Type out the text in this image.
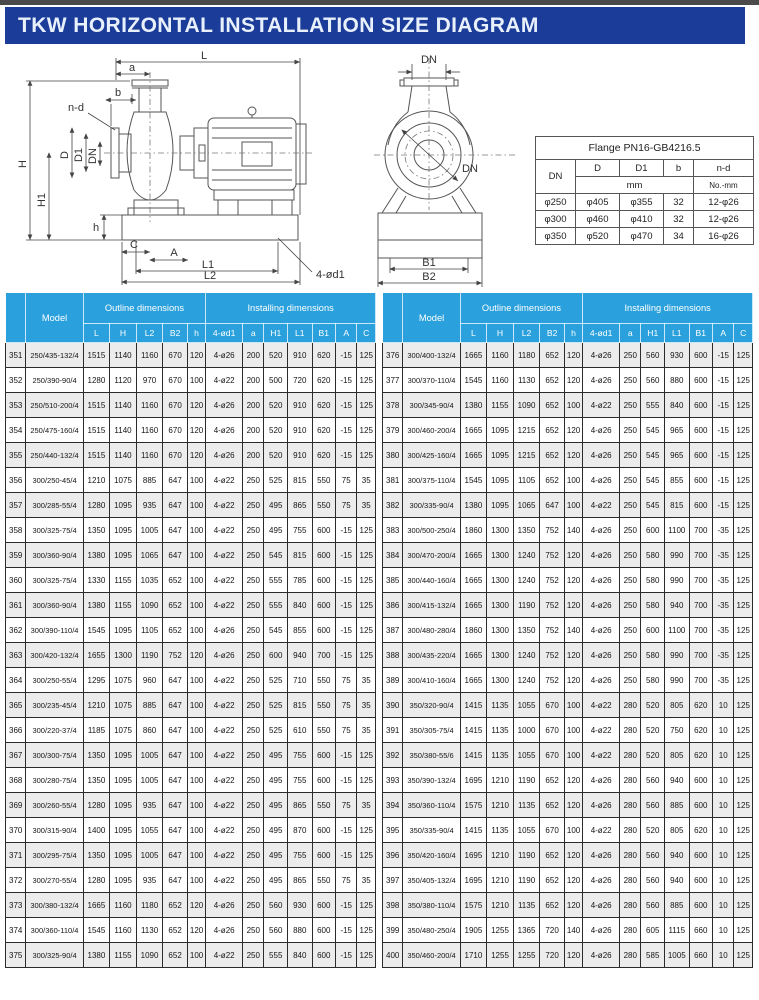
TKW HORIZONTAL INSTALLATION SIZE DIAGRAM
L
a
b
n-d
H
H1
D D1 DN
h
C
A
L1
L2	4-ød1
DN
DN
B1
B2
Flange PN16-GB4216.5				
DN	D	D1	b	n-d
	mm			No.-mm
φ250	φ405	φ355	32	12-φ26
φ300	φ460	φ410	32	12-φ26
φ350	φ520	φ470	34	16-φ26
	Model	Outline dimensions					Installing dimensions						
		L	H	L2	B2	h	4-ød1	a	H1	L1	B1	A	C
351	250/435-132/4	1515	1140	1160	670	120	4-ø26	200	520	910	620	-15	125
352	250/390-90/4	1280	1120	970	670	100	4-ø22	200	500	720	620	-15	125
353	250/510-200/4	1515	1140	1160	670	120	4-ø26	200	520	910	620	-15	125
354	250/475-160/4	1515	1140	1160	670	120	4-ø26	200	520	910	620	-15	125
355	250/440-132/4	1515	1140	1160	670	120	4-ø26	200	520	910	620	-15	125
356	300/250-45/4	1210	1075	885	647	100	4-ø22	250	525	815	550	75	35
357	300/285-55/4	1280	1095	935	647	100	4-ø22	250	495	865	550	75	35
358	300/325-75/4	1350	1095	1005	647	100	4-ø22	250	495	755	600	-15	125
359	300/360-90/4	1380	1095	1065	647	100	4-ø22	250	545	815	600	-15	125
360	300/325-75/4	1330	1155	1035	652	100	4-ø22	250	555	785	600	-15	125
361	300/360-90/4	1380	1155	1090	652	100	4-ø22	250	555	840	600	-15	125
362	300/390-110/4	1545	1095	1105	652	100	4-ø26	250	545	855	600	-15	125
363	300/420-132/4	1655	1300	1190	752	120	4-ø26	250	600	940	700	-15	125
364	300/250-55/4	1295	1075	960	647	100	4-ø22	250	525	710	550	75	35
365	300/235-45/4	1210	1075	885	647	100	4-ø22	250	525	815	550	75	35
366	300/220-37/4	1185	1075	860	647	100	4-ø22	250	525	610	550	75	35
367	300/300-75/4	1350	1095	1005	647	100	4-ø22	250	495	755	600	-15	125
368	300/280-75/4	1350	1095	1005	647	100	4-ø22	250	495	755	600	-15	125
369	300/260-55/4	1280	1095	935	647	100	4-ø22	250	495	865	550	75	35
370	300/315-90/4	1400	1095	1055	647	100	4-ø22	250	495	870	600	-15	125
371	300/295-75/4	1350	1095	1005	647	100	4-ø22	250	495	755	600	-15	125
372	300/270-55/4	1280	1095	935	647	100	4-ø22	250	495	865	550	75	35
373	300/380-132/4	1665	1160	1180	652	120	4-ø26	250	560	930	600	-15	125
374	300/360-110/4	1545	1160	1130	652	120	4-ø26	250	560	880	600	-15	125
375	300/325-90/4	1380	1155	1090	652	100	4-ø22	250	555	840	600	-15	125
	Model	Outline dimensions					Installing dimensions						
		L	H	L2	B2	h	4-ød1	a	H1	L1	B1	A	C
376	300/400-132/4	1665	1160	1180	652	120	4-ø26	250	560	930	600	-15	125
377	300/370-110/4	1545	1160	1130	652	120	4-ø26	250	560	880	600	-15	125
378	300/345-90/4	1380	1155	1090	652	100	4-ø22	250	555	840	600	-15	125
379	300/460-200/4	1665	1095	1215	652	120	4-ø26	250	545	965	600	-15	125
380	300/425-160/4	1665	1095	1215	652	120	4-ø26	250	545	965	600	-15	125
381	300/375-110/4	1545	1095	1105	652	100	4-ø26	250	545	855	600	-15	125
382	300/335-90/4	1380	1095	1065	647	100	4-ø22	250	545	815	600	-15	125
383	300/500-250/4	1860	1300	1350	752	140	4-ø26	250	600	1100	700	-35	125
384	300/470-200/4	1665	1300	1240	752	120	4-ø26	250	580	990	700	-35	125
385	300/440-160/4	1665	1300	1240	752	120	4-ø26	250	580	990	700	-35	125
386	300/415-132/4	1665	1300	1190	752	120	4-ø26	250	580	940	700	-35	125
387	300/480-280/4	1860	1300	1350	752	140	4-ø26	250	600	1100	700	-35	125
388	300/435-220/4	1665	1300	1240	752	120	4-ø26	250	580	990	700	-35	125
389	300/410-160/4	1665	1300	1240	752	120	4-ø26	250	580	990	700	-35	125
390	350/320-90/4	1415	1135	1055	670	100	4-ø22	280	520	805	620	10	125
391	350/305-75/4	1415	1135	1000	670	100	4-ø22	280	520	750	620	10	125
392	350/380-55/6	1415	1135	1055	670	100	4-ø22	280	520	805	620	10	125
393	350/390-132/4	1695	1210	1190	652	120	4-ø26	280	560	940	600	10	125
394	350/360-110/4	1575	1210	1135	652	120	4-ø26	280	560	885	600	10	125
395	350/335-90/4	1415	1135	1055	670	100	4-ø22	280	520	805	620	10	125
396	350/420-160/4	1695	1210	1190	652	120	4-ø26	280	560	940	600	10	125
397	350/405-132/4	1695	1210	1190	652	120	4-ø26	280	560	940	600	10	125
398	350/380-110/4	1575	1210	1135	652	120	4-ø26	280	560	885	600	10	125
399	350/480-250/4	1905	1255	1365	720	140	4-ø26	280	605	1115	660	10	125
400	350/460-200/4	1710	1255	1255	720	120	4-ø26	280	585	1005	660	10	125
